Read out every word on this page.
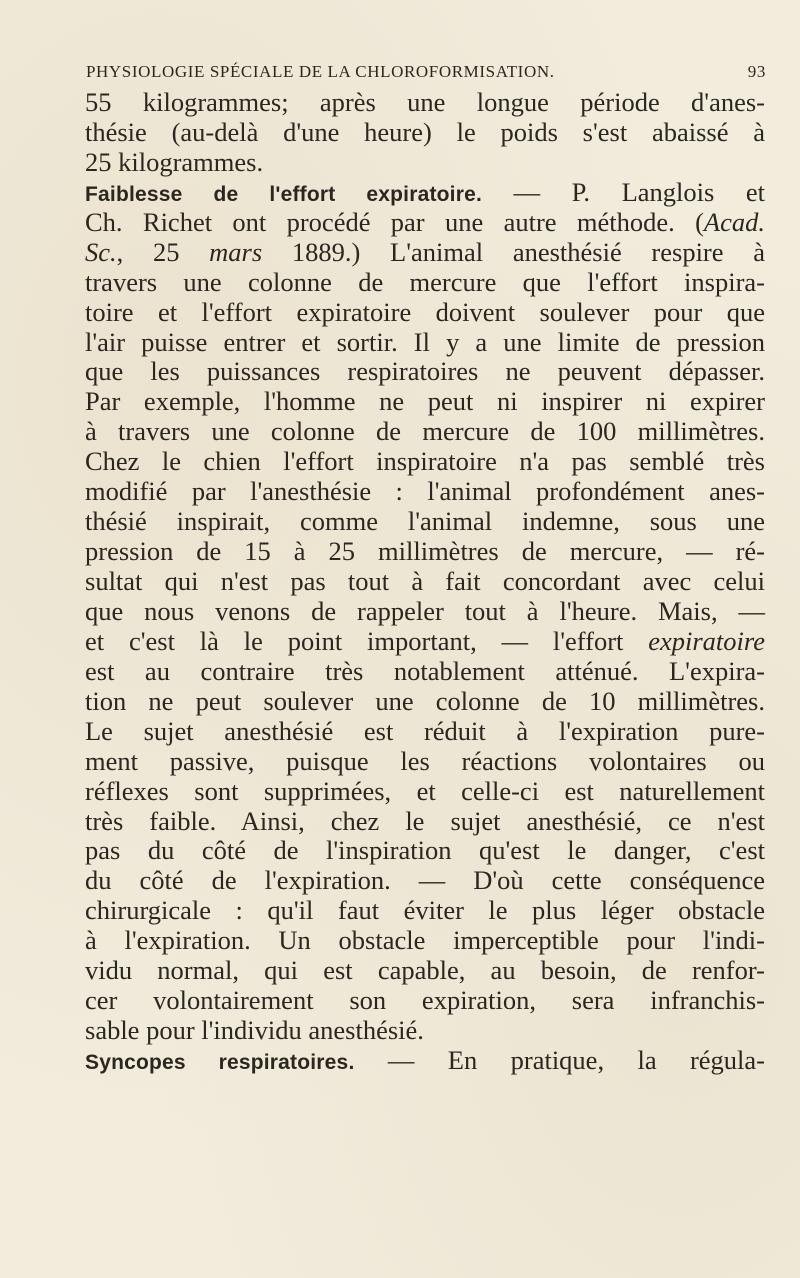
PHYSIOLOGIE SPÉCIALE DE LA CHLOROFORMISATION.	93
55 kilogrammes; après une longue période d'anes-
thésie (au-delà d'une heure) le poids s'est abaissé à
25 kilogrammes.
Faiblesse de l'effort expiratoire. — P. Langlois et
Ch. Richet ont procédé par une autre méthode. (Acad.
Sc., 25 mars 1889.) L'animal anesthésié respire à
travers une colonne de mercure que l'effort inspira-
toire et l'effort expiratoire doivent soulever pour que
l'air puisse entrer et sortir. Il y a une limite de pression
que les puissances respiratoires ne peuvent dépasser.
Par exemple, l'homme ne peut ni inspirer ni expirer
à travers une colonne de mercure de 100 millimètres.
Chez le chien l'effort inspiratoire n'a pas semblé très
modifié par l'anesthésie : l'animal profondément anes-
thésié inspirait, comme l'animal indemne, sous une
pression de 15 à 25 millimètres de mercure, — ré-
sultat qui n'est pas tout à fait concordant avec celui
que nous venons de rappeler tout à l'heure. Mais, —
et c'est là le point important, — l'effort expiratoire
est au contraire très notablement atténué. L'expira-
tion ne peut soulever une colonne de 10 millimètres.
Le sujet anesthésié est réduit à l'expiration pure-
ment passive, puisque les réactions volontaires ou
réflexes sont supprimées, et celle-ci est naturellement
très faible. Ainsi, chez le sujet anesthésié, ce n'est
pas du côté de l'inspiration qu'est le danger, c'est
du côté de l'expiration. — D'où cette conséquence
chirurgicale : qu'il faut éviter le plus léger obstacle
à l'expiration. Un obstacle imperceptible pour l'indi-
vidu normal, qui est capable, au besoin, de renfor-
cer volontairement son expiration, sera infranchis-
sable pour l'individu anesthésié.
Syncopes respiratoires. — En pratique, la régula-
